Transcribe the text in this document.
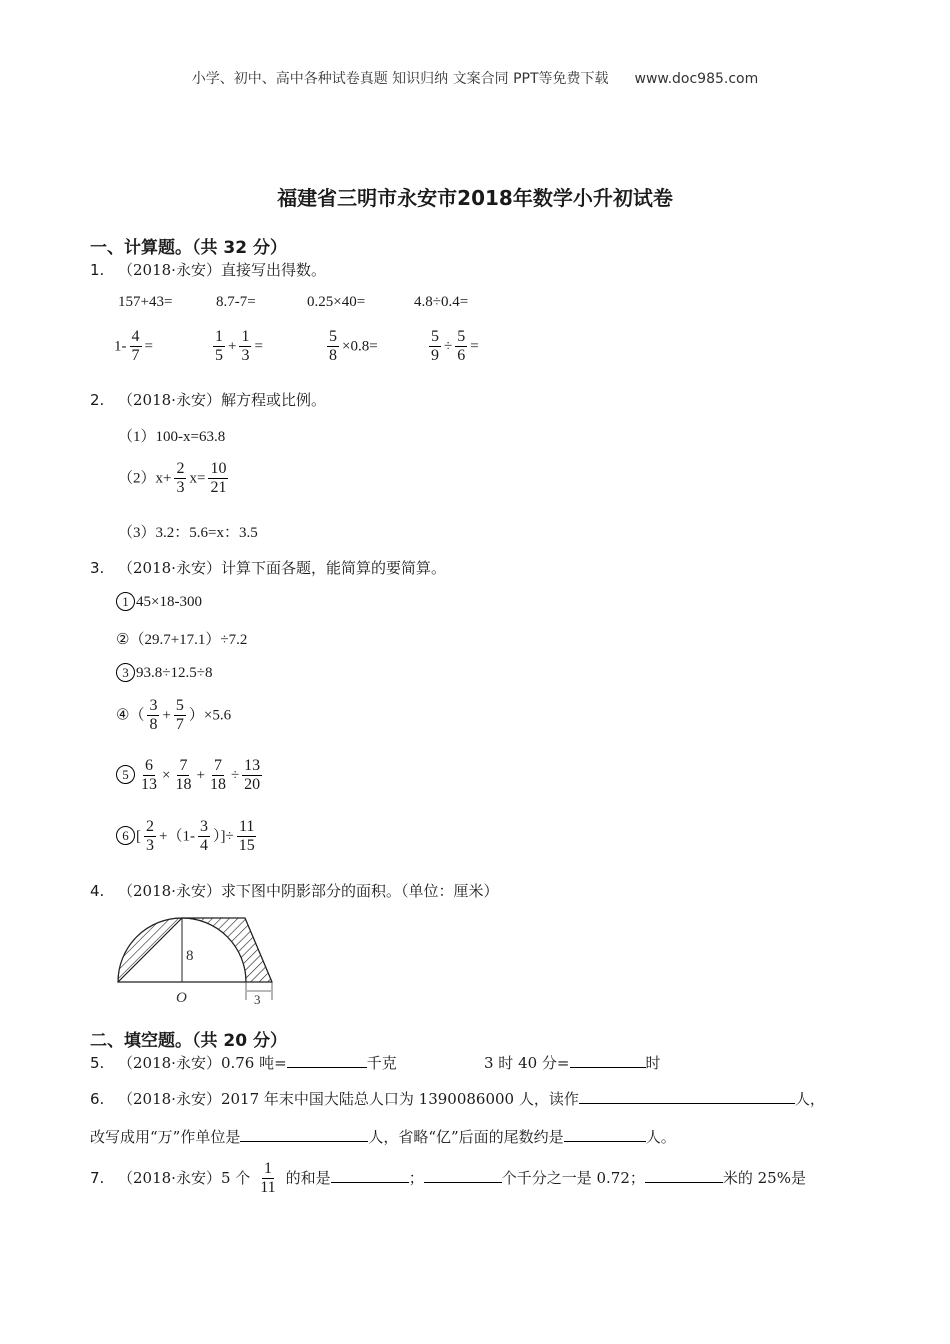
小学、初中、高中各种试卷真题 知识归纳 文案合同 PPT等免费下载 www.doc985.com
福建省三明市永安市2018年数学小升初试卷
一、计算题。（共 32 分）
1. （2018·永安）直接写出得数。
157+43=	8.7-7=	0.25×40=	4.8÷0.4=
$1- \frac{4}{7}$ =	$\frac{1}{5} + \frac{1}{3}$ =	$\frac{5}{8} \times 0.8=$	$\frac{5}{9} \div \frac{5}{6}$ =
2. （2018·永安）解方程或比例。
（1）100-x=63.8
$(2)x+ \frac{2}{3} x= \frac{10}{21}$
（3）3.2：5.6=x：3.5
3. （2018·永安）计算下面各题，能简算的要简算。
1 45×18-300
②（29.7+17.1）÷7.2
3 93.8÷12.5÷8
④（ $\frac{3}{8} + \frac{5}{7} )\times 5.6$
$5 \frac{6}{13} \times \frac{7}{18} + \frac{7}{18} \div \frac{13}{20}$
6 [ $\frac{2}{3} +(1- \frac{3}{4}$ ）]÷ $\frac{11}{15}$
4. （2018·永安）求下图中阴影部分的面积。（单位：厘米）
8
O	3
二、填空题。（共 20 分）
5. （2018·永安）0.76 吨=	千克	3 时 40 分=	时
6. （2018·永安）2017 年末中国大陆总人口为 1390086000 人，读作	人，
改写成用“万”作单位是	人，省略“亿”后面的尾数约是	人。
7. （2018·永安）5 个 $\frac{1}{11}$ 的和是	；	个千分之一是 0.72；	米的 25%是
